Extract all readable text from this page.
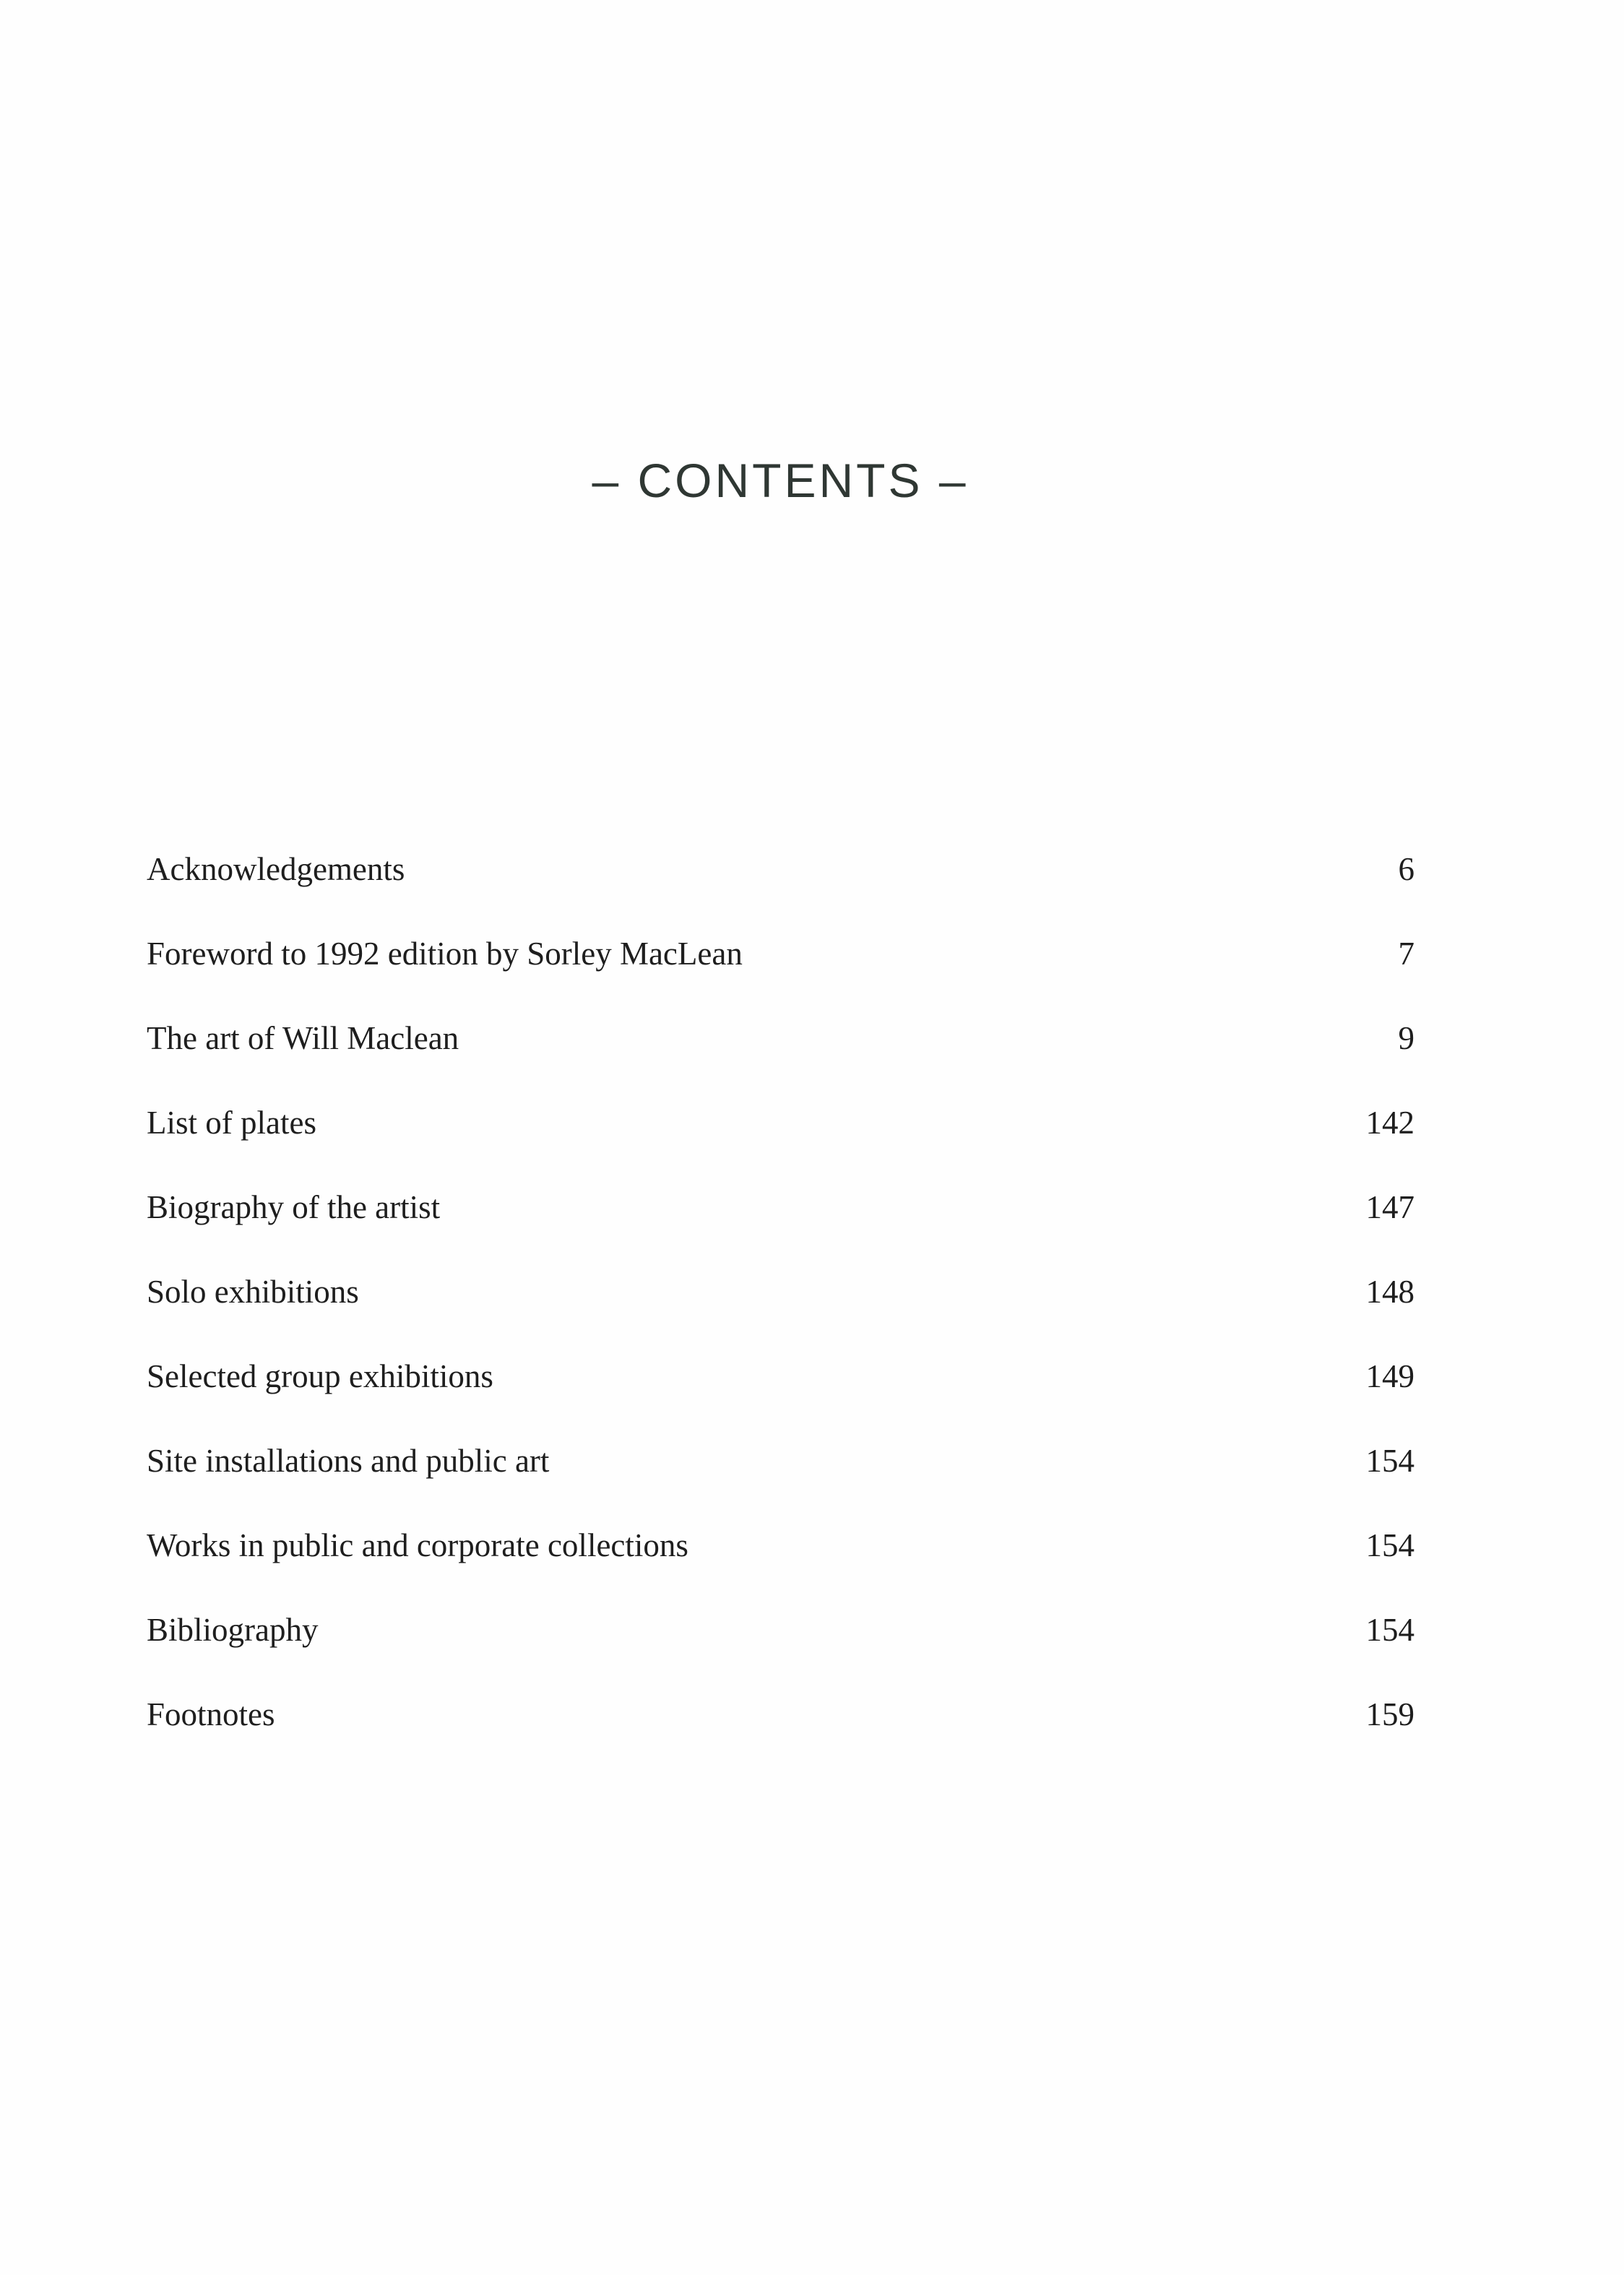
– CONTENTS –
Acknowledgements	6
Foreword to 1992 edition by Sorley MacLean	7
The art of Will Maclean	9
List of plates	142
Biography of the artist	147
Solo exhibitions	148
Selected group exhibitions	149
Site installations and public art	154
Works in public and corporate collections	154
Bibliography	154
Footnotes	159
